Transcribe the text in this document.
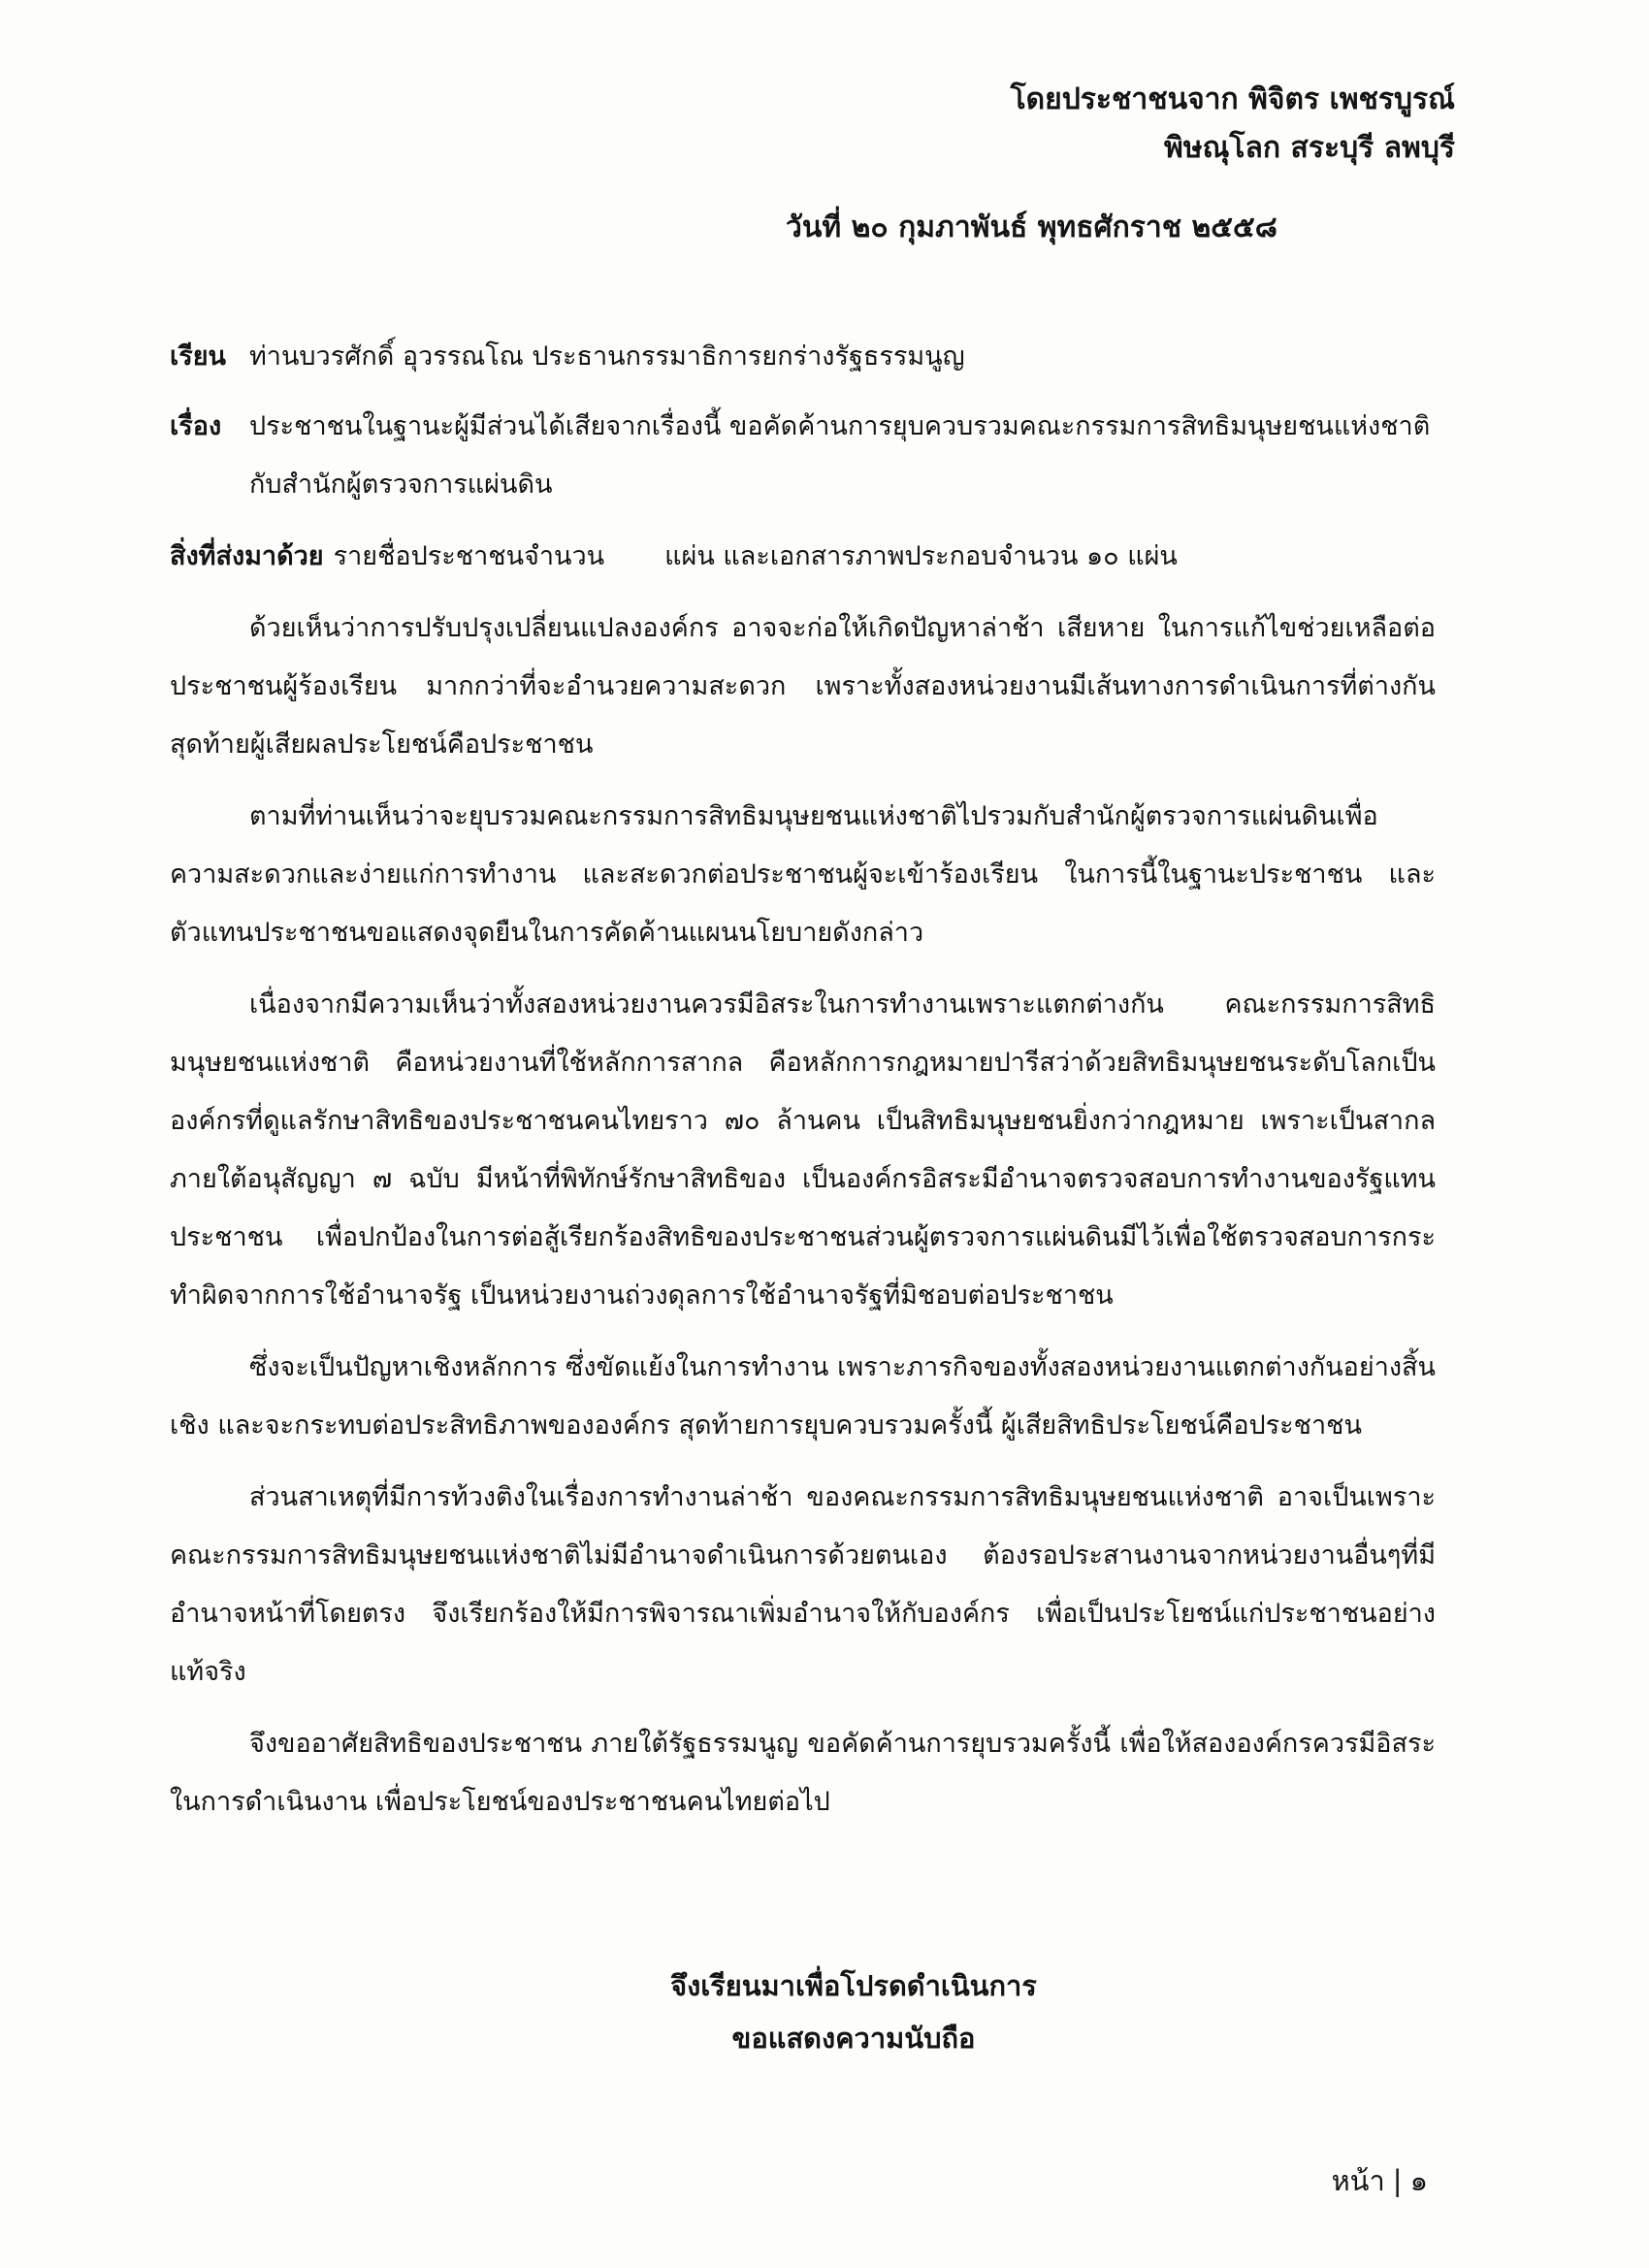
โดยประชาชนจาก พิจิตร เพชรบูรณ์
พิษณุโลก สระบุรี ลพบุรี
วันที่ ๒๐ กุมภาพันธ์ พุทธศักราช ๒๕๕๘
เรียน ท่านบวรศักดิ์ อุวรรณโณ ประธานกรรมาธิการยกร่างรัฐธรรมนูญ
เรื่อง	ประชาชนในฐานะผู้มีส่วนได้เสียจากเรื่องนี้ ขอคัดค้านการยุบควบรวมคณะกรรมการสิทธิมนุษยชนแห่งชาติกับสำนักผู้ตรวจการแผ่นดิน
สิ่งที่ส่งมาด้วย รายชื่อประชาชนจำนวน แผ่น และเอกสารภาพประกอบจำนวน ๑๐ แผ่น

ด้วยเห็นว่าการปรับปรุงเปลี่ยนแปลงองค์กร อาจจะก่อให้เกิดปัญหาล่าช้า เสียหาย ในการแก้ไขช่วยเหลือต่อประชาชนผู้ร้องเรียน มากกว่าที่จะอำนวยความสะดวก เพราะทั้งสองหน่วยงานมีเส้นทางการดำเนินการที่ต่างกัน สุดท้ายผู้เสียผลประโยชน์คือประชาชน

ตามที่ท่านเห็นว่าจะยุบรวมคณะกรรมการสิทธิมนุษยชนแห่งชาติไปรวมกับสำนักผู้ตรวจการแผ่นดินเพื่อความสะดวกและง่ายแก่การทำงาน และสะดวกต่อประชาชนผู้จะเข้าร้องเรียน ในการนี้ในฐานะประชาชน และตัวแทนประชาชนขอแสดงจุดยืนในการคัดค้านแผนนโยบายดังกล่าว

เนื่องจากมีความเห็นว่าทั้งสองหน่วยงานควรมีอิสระในการทำงานเพราะแตกต่างกัน คณะกรรมการสิทธิมนุษยชนแห่งชาติ คือหน่วยงานที่ใช้หลักการสากล คือหลักการกฎหมายปารีสว่าด้วยสิทธิมนุษยชนระดับโลกเป็นองค์กรที่ดูแลรักษาสิทธิของประชาชนคนไทยราว ๗๐ ล้านคน เป็นสิทธิมนุษยชนยิ่งกว่ากฎหมาย เพราะเป็นสากลภายใต้อนุสัญญา ๗ ฉบับ มีหน้าที่พิทักษ์รักษาสิทธิของ เป็นองค์กรอิสระมีอำนาจตรวจสอบการทำงานของรัฐแทนประชาชน เพื่อปกป้องในการต่อสู้เรียกร้องสิทธิของประชาชนส่วนผู้ตรวจการแผ่นดินมีไว้เพื่อใช้ตรวจสอบการกระทำผิดจากการใช้อำนาจรัฐ เป็นหน่วยงานถ่วงดุลการใช้อำนาจรัฐที่มิชอบต่อประชาชน

ซึ่งจะเป็นปัญหาเชิงหลักการ ซึ่งขัดแย้งในการทำงาน เพราะภารกิจของทั้งสองหน่วยงานแตกต่างกันอย่างสิ้นเชิง และจะกระทบต่อประสิทธิภาพขององค์กร สุดท้ายการยุบควบรวมครั้งนี้ ผู้เสียสิทธิประโยชน์คือประชาชน

ส่วนสาเหตุที่มีการท้วงติงในเรื่องการทำงานล่าช้า ของคณะกรรมการสิทธิมนุษยชนแห่งชาติ อาจเป็นเพราะคณะกรรมการสิทธิมนุษยชนแห่งชาติไม่มีอำนาจดำเนินการด้วยตนเอง ต้องรอประสานงานจากหน่วยงานอื่นๆที่มีอำนาจหน้าที่โดยตรง จึงเรียกร้องให้มีการพิจารณาเพิ่มอำนาจให้กับองค์กร เพื่อเป็นประโยชน์แก่ประชาชนอย่างแท้จริง

จึงขออาศัยสิทธิของประชาชน ภายใต้รัฐธรรมนูญ ขอคัดค้านการยุบรวมครั้งนี้ เพื่อให้สององค์กรควรมีอิสระในการดำเนินงาน เพื่อประโยชน์ของประชาชนคนไทยต่อไป

จึงเรียนมาเพื่อโปรดดำเนินการ
ขอแสดงความนับถือ
หน้า | ๑
